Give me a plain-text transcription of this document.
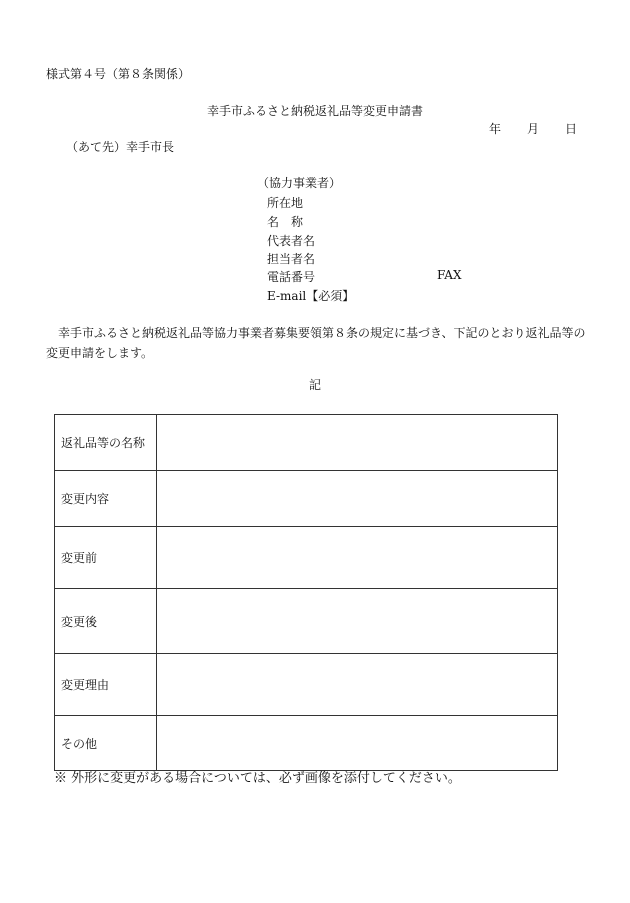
様式第４号（第８条関係）
幸手市ふるさと納税返礼品等変更申請書
年 月 日
（あて先）幸手市長
（協力事業者）
所在地
名　称
代表者名
担当者名
電話番号	FAX
E-mail【必須】
幸手市ふるさと納税返礼品等協力事業者募集要領第８条の規定に基づき、下記のとおり返礼品等の変更申請をします。
記
返礼品等の名称	
変更内容	
変更前	
変更後	
変更理由	
その他	
※ 外形に変更がある場合については、必ず画像を添付してください。
